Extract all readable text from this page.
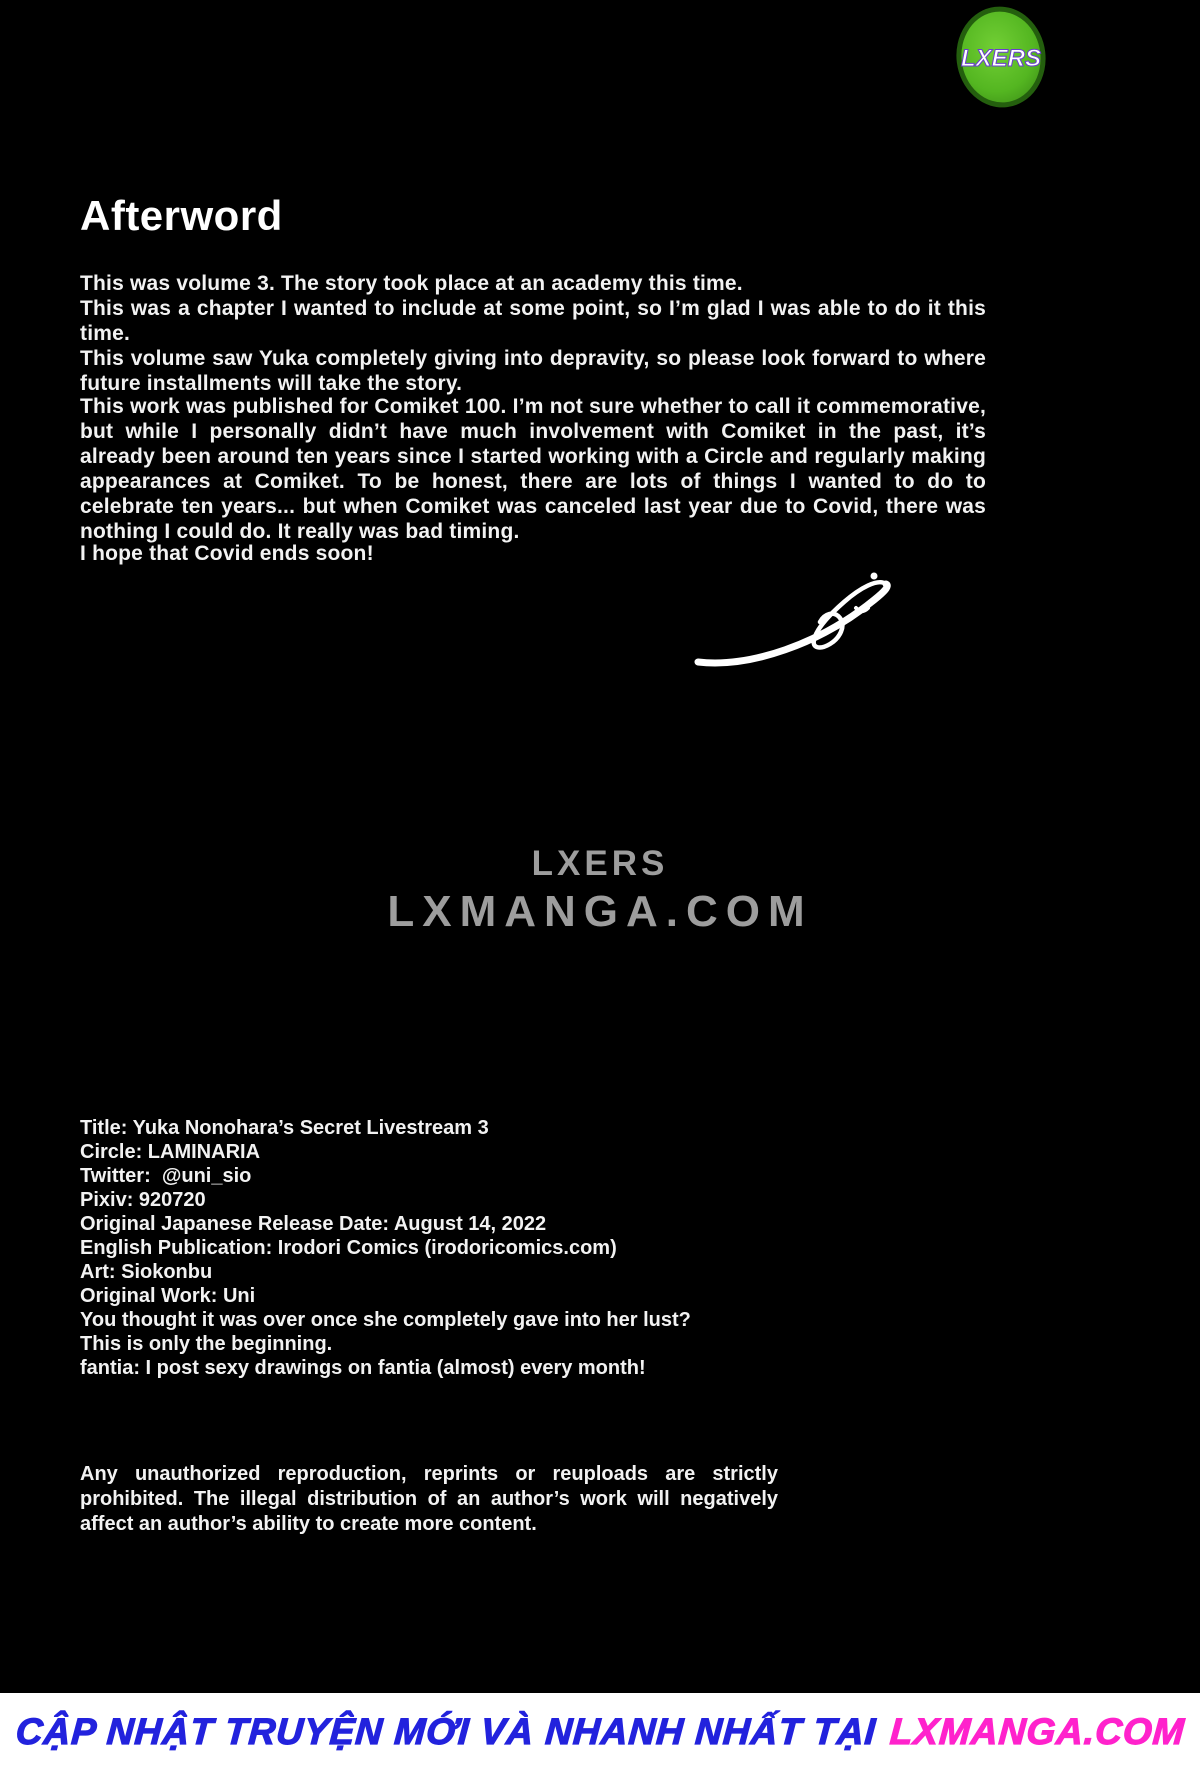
LXERS
Afterword
This was volume 3. The story took place at an academy this time.
This was a chapter I wanted to include at some point, so I’m glad I was able to do it this time.
This volume saw Yuka completely giving into depravity, so please look forward to where future installments will take the story.
This work was published for Comiket 100. I’m not sure whether to call it commemorative, but while I personally didn’t have much involvement with Comiket in the past, it’s already been around ten years since I started working with a Circle and regularly making appearances at Comiket. To be honest, there are lots of things I wanted to do to celebrate ten years... but when Comiket was canceled last year due to Covid, there was nothing I could do. It really was bad timing.
I hope that Covid ends soon!
LXERS
LXMANGA.COM
Title: Yuka Nonohara’s Secret Livestream 3
Circle: LAMINARIA
Twitter:  @uni_sio
Pixiv: 920720
Original Japanese Release Date: August 14, 2022
English Publication: Irodori Comics (irodoricomics.com)
Art: Siokonbu
Original Work: Uni
You thought it was over once she completely gave into her lust?
This is only the beginning.
fantia: I post sexy drawings on fantia (almost) every month!
Any unauthorized reproduction, reprints or reuploads are strictly prohibited. The illegal distribution of an author’s work will negatively affect an author’s ability to create more content.
CẬP NHẬT TRUYỆN MỚI VÀ NHANH NHẤT TẠI LXMANGA.COM
